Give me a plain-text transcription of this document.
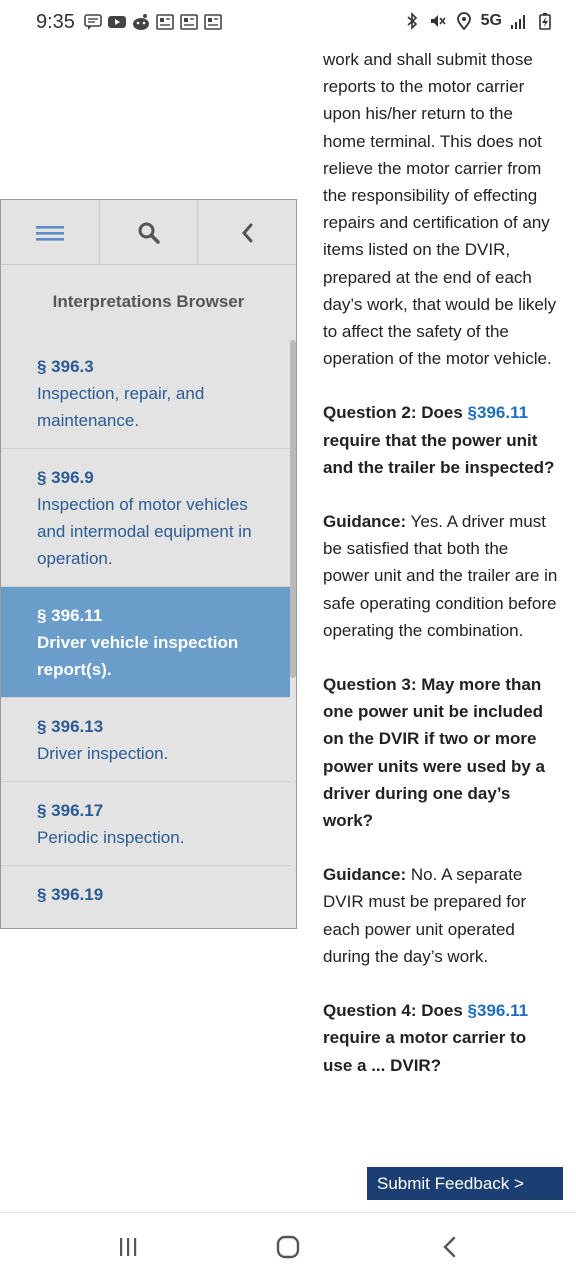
9:35	5G

work and shall submit those reports to the motor carrier upon his/her return to the home terminal. This does not relieve the motor carrier from the responsibility of effecting repairs and certification of any items listed on the DVIR, prepared at the end of each day’s work, that would be likely to affect the safety of the operation of the motor vehicle.

Question 2: Does §396.11 require that the power unit and the trailer be inspected?

Guidance: Yes. A driver must be satisfied that both the power unit and the trailer are in safe operating condition before operating the combination.

Question 3: May more than one power unit be included on the DVIR if two or more power units were used by a driver during one day’s work?

Guidance: No. A separate DVIR must be prepared for each power unit operated during the day’s work.

Question 4: Does §396.11 require a motor carrier to use a ... DVIR?

Interpretations Browser
§ 396.3
Inspection, repair, and maintenance.
§ 396.9
Inspection of motor vehicles and intermodal equipment in operation.
§ 396.11
Driver vehicle inspection report(s).
§ 396.13
Driver inspection.
§ 396.17
Periodic inspection.
§ 396.19
Submit Feedback >
